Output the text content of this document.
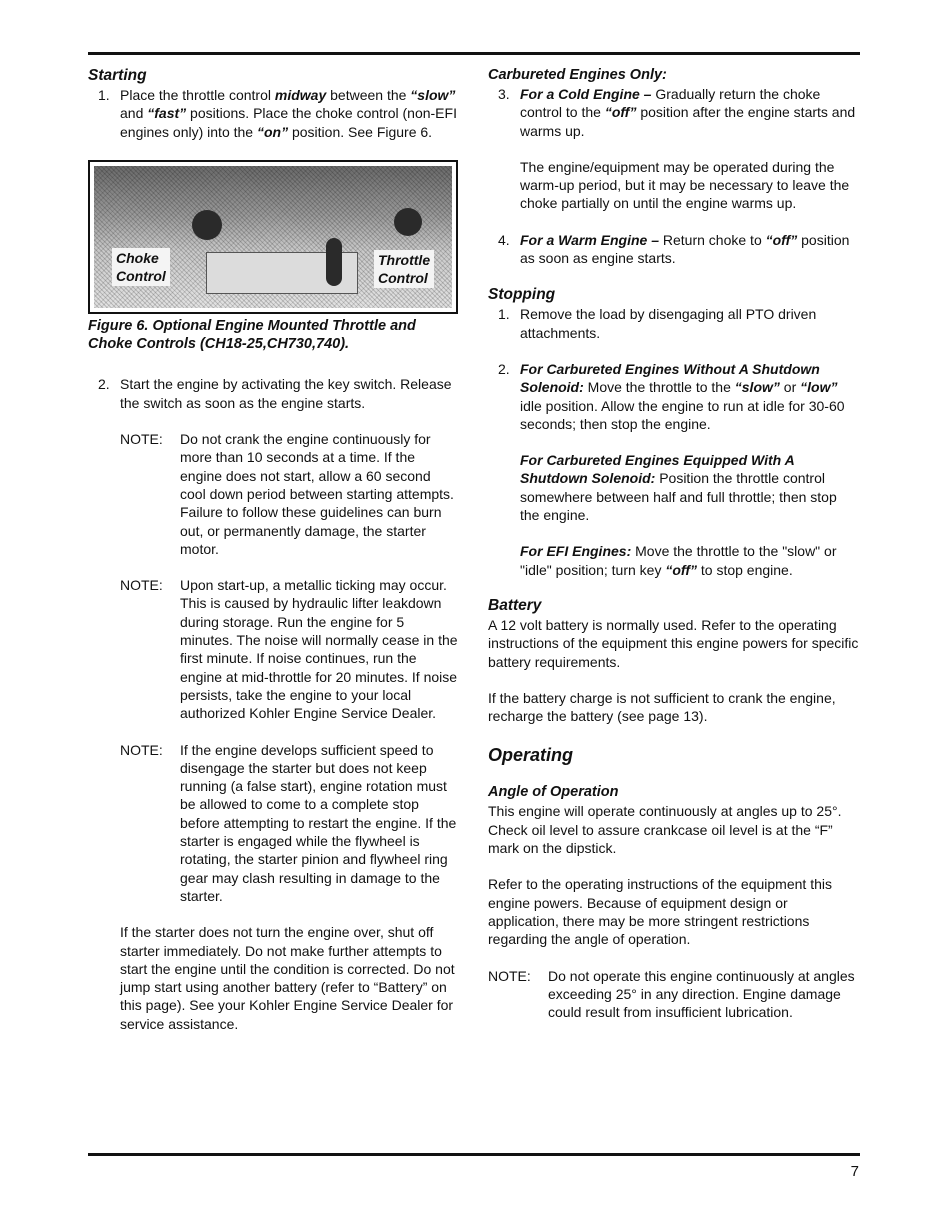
Starting
1. Place the throttle control midway between the “slow” and “fast” positions. Place the choke control (non-EFI engines only) into the “on” position. See Figure 6.
Choke
Control
Throttle
Control
Figure 6. Optional Engine Mounted Throttle and Choke Controls (CH18-25,CH730,740).
2. Start the engine by activating the key switch. Release the switch as soon as the engine starts.
NOTE: Do not crank the engine continuously for more than 10 seconds at a time. If the engine does not start, allow a 60 second cool down period between starting attempts. Failure to follow these guidelines can burn out, or permanently damage, the starter motor.
NOTE: Upon start-up, a metallic ticking may occur. This is caused by hydraulic lifter leakdown during storage. Run the engine for 5 minutes. The noise will normally cease in the first minute. If noise continues, run the engine at mid-throttle for 20 minutes. If noise persists, take the engine to your local authorized Kohler Engine Service Dealer.
NOTE: If the engine develops sufficient speed to disengage the starter but does not keep running (a false start), engine rotation must be allowed to come to a complete stop before attempting to restart the engine. If the starter is engaged while the flywheel is rotating, the starter pinion and flywheel ring gear may clash resulting in damage to the starter.

If the starter does not turn the engine over, shut off starter immediately. Do not make further attempts to start the engine until the condition is corrected. Do not jump start using another battery (refer to “Battery” on this page). See your Kohler Engine Service Dealer for service assistance.

Carbureted Engines Only:
3. For a Cold Engine – Gradually return the choke control to the “off” position after the engine starts and warms up.

The engine/equipment may be operated during the warm-up period, but it may be necessary to leave the choke partially on until the engine warms up.

4. For a Warm Engine – Return choke to “off” position as soon as engine starts.
Stopping
1. Remove the load by disengaging all PTO driven attachments.
2. For Carbureted Engines Without A Shutdown Solenoid: Move the throttle to the “slow” or “low” idle position. Allow the engine to run at idle for 30-60 seconds; then stop the engine.

For Carbureted Engines Equipped With A Shutdown Solenoid: Position the throttle control somewhere between half and full throttle; then stop the engine.

For EFI Engines: Move the throttle to the "slow" or "idle" position; turn key “off” to stop engine.

Battery

A 12 volt battery is normally used. Refer to the operating instructions of the equipment this engine powers for specific battery requirements.

If the battery charge is not sufficient to crank the engine, recharge the battery (see page 13).

Operating
Angle of Operation

This engine will operate continuously at angles up to 25°. Check oil level to assure crankcase oil level is at the “F” mark on the dipstick.

Refer to the operating instructions of the equipment this engine powers. Because of equipment design or application, there may be more stringent restrictions regarding the angle of operation.

NOTE: Do not operate this engine continuously at angles exceeding 25° in any direction. Engine damage could result from insufficient lubrication.
7
